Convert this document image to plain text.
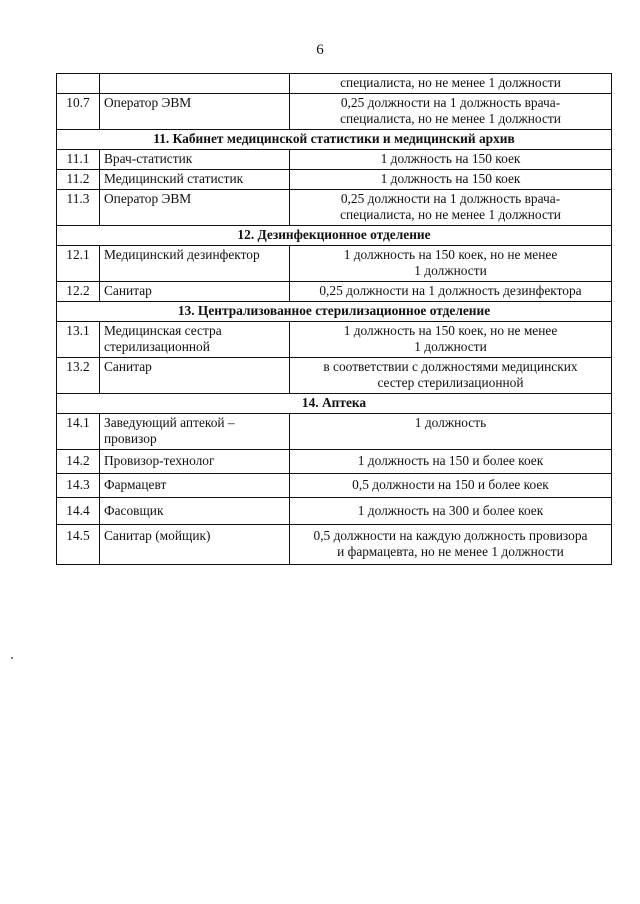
6

		специалиста, но не менее 1 должности

10.7	Оператор ЭВМ	0,25 должности на 1 должность врача-
специалиста, но не менее 1 должности

11. Кабинет медицинской статистики и медицинский архив		
11.1	Врач-статистик	1 должность на 150 коек

11.2	Медицинский статистик	1 должность на 150 коек

11.3	Оператор ЭВМ	0,25 должности на 1 должность врача-
специалиста, но не менее 1 должности

12. Дезинфекционное отделение		
12.1	Медицинский дезинфектор	1 должность на 150 коек, но не менее
1 должности

12.2	Санитар	0,25 должности на 1 должность дезинфектора

13. Централизованное стерилизационное отделение		
13.1	Медицинская сестра
стерилизационной	1 должность на 150 коек, но не менее
1 должности

13.2	Санитар	в соответствии с должностями медицинских
сестер стерилизационной

14. Аптека		
14.1	Заведующий аптекой –
провизор	1 должность

14.2	Провизор-технолог	1 должность на 150 и более коек

14.3	Фармацевт	0,5 должности на 150 и более коек

14.4	Фасовщик	1 должность на 300 и более коек

14.5	Санитар (мойщик)	0,5 должности на каждую должность провизора
и фармацевта, но не менее 1 должности
